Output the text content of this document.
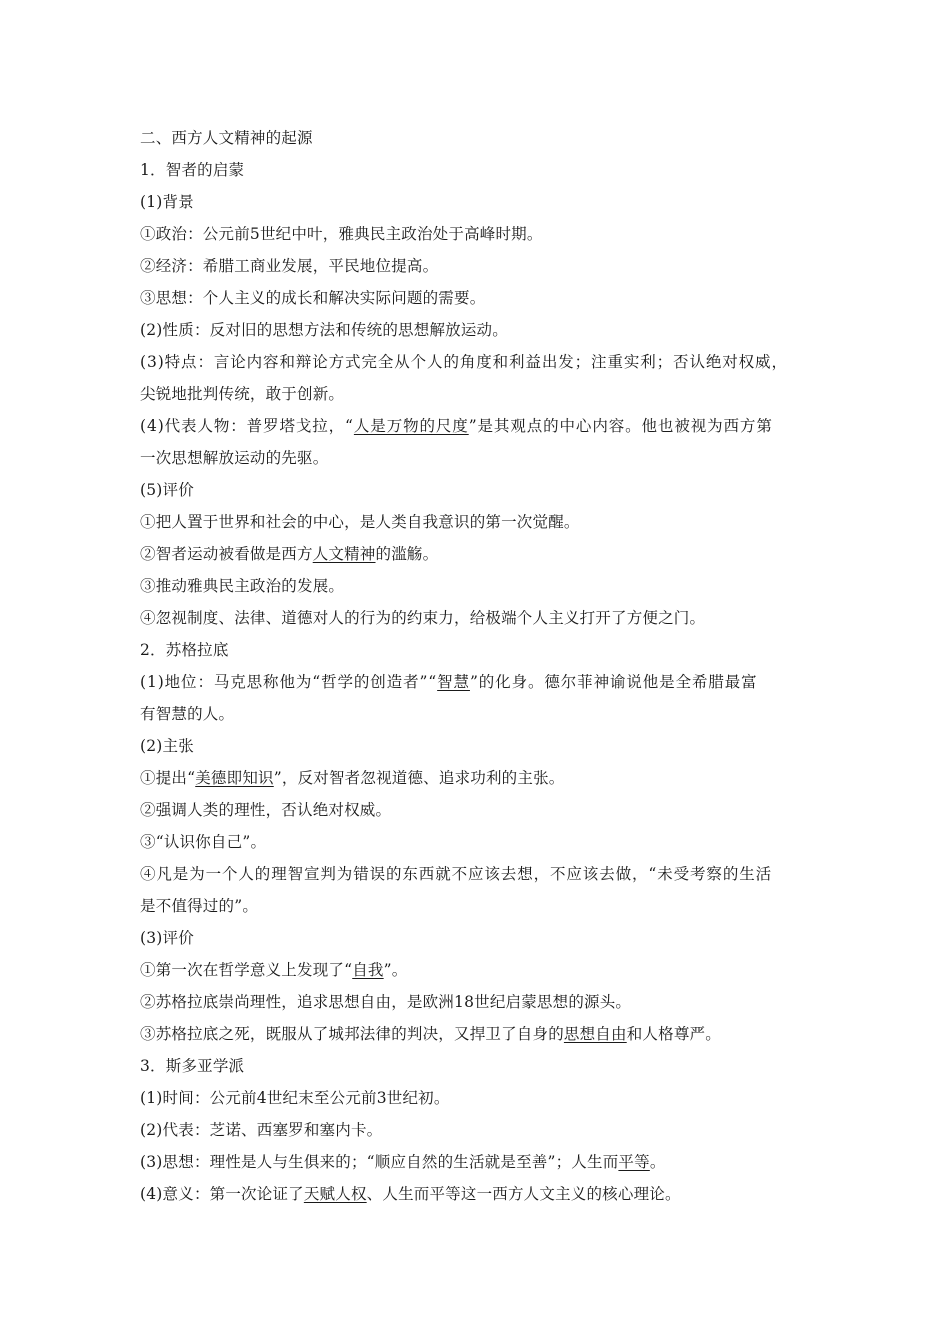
二、西方人文精神的起源
1．智者的启蒙
(1)背景
①政治：公元前5世纪中叶，雅典民主政治处于高峰时期。
②经济：希腊工商业发展，平民地位提高。
③思想：个人主义的成长和解决实际问题的需要。
(2)性质：反对旧的思想方法和传统的思想解放运动。
(3)特点：言论内容和辩论方式完全从个人的角度和利益出发；注重实利；否认绝对权威，
尖锐地批判传统，敢于创新。
(4)代表人物：普罗塔戈拉，“人是万物的尺度”是其观点的中心内容。他也被视为西方第
一次思想解放运动的先驱。
(5)评价
①把人置于世界和社会的中心，是人类自我意识的第一次觉醒。
②智者运动被看做是西方人文精神的滥觞。
③推动雅典民主政治的发展。
④忽视制度、法律、道德对人的行为的约束力，给极端个人主义打开了方便之门。
2．苏格拉底
(1)地位：马克思称他为“哲学的创造者”“智慧”的化身。德尔菲神谕说他是全希腊最富
有智慧的人。
(2)主张
①提出“美德即知识”，反对智者忽视道德、追求功利的主张。
②强调人类的理性，否认绝对权威。
③“认识你自己”。
④凡是为一个人的理智宣判为错误的东西就不应该去想，不应该去做，“未受考察的生活
是不值得过的”。
(3)评价
①第一次在哲学意义上发现了“自我”。
②苏格拉底崇尚理性，追求思想自由，是欧洲18世纪启蒙思想的源头。
③苏格拉底之死，既服从了城邦法律的判决，又捍卫了自身的思想自由和人格尊严。
3．斯多亚学派
(1)时间：公元前4世纪末至公元前3世纪初。
(2)代表：芝诺、西塞罗和塞内卡。
(3)思想：理性是人与生俱来的；“顺应自然的生活就是至善”；人生而平等。
(4)意义：第一次论证了天赋人权、人生而平等这一西方人文主义的核心理论。
